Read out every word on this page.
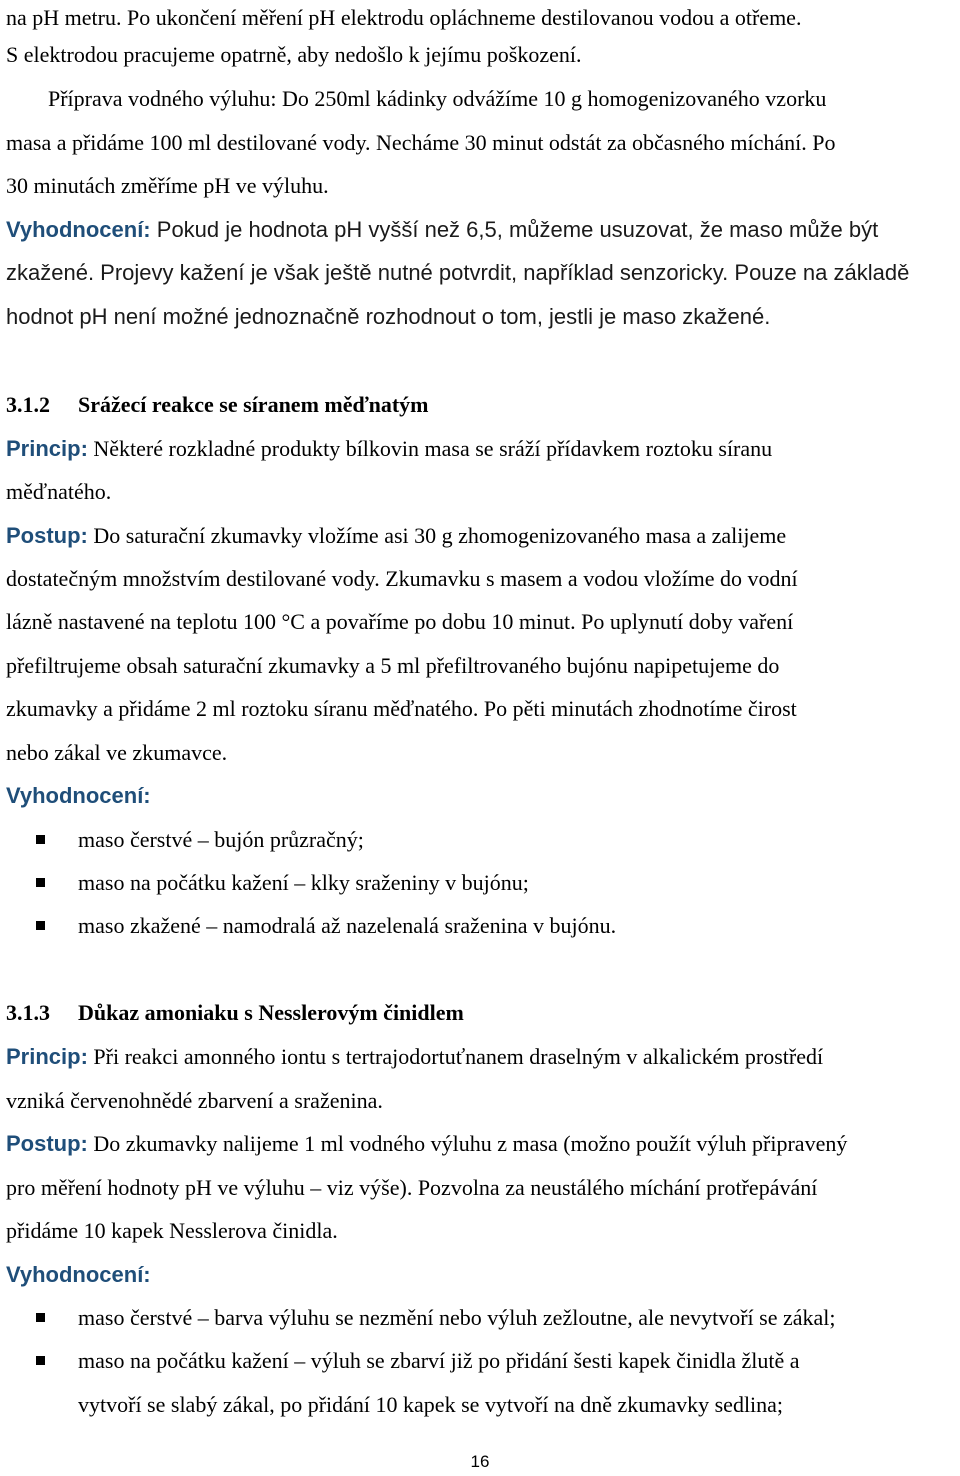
na pH metru. Po ukončení měření pH elektrodu opláchneme destilovanou vodou a otřeme.
S elektrodou pracujeme opatrně, aby nedošlo k jejímu poškození.
Příprava vodného výluhu: Do 250ml kádinky odvážíme 10 g homogenizovaného vzorku
masa a přidáme 100 ml destilované vody. Necháme 30 minut odstát za občasného míchání. Po
30 minutách změříme pH ve výluhu.
Vyhodnocení: Pokud je hodnota pH vyšší než 6,5, můžeme usuzovat, že maso může být
zkažené. Projevy kažení je však ještě nutné potvrdit, například senzoricky. Pouze na základě
hodnot pH není možné jednoznačně rozhodnout o tom, jestli je maso zkažené.
3.1.2 Srážecí reakce se síranem měďnatým
Princip: Některé rozkladné produkty bílkovin masa se sráží přídavkem roztoku síranu
měďnatého.
Postup: Do saturační zkumavky vložíme asi 30 g zhomogenizovaného masa a zalijeme
dostatečným množstvím destilované vody. Zkumavku s masem a vodou vložíme do vodní
lázně nastavené na teplotu 100 °C a povaříme po dobu 10 minut. Po uplynutí doby vaření
přefiltrujeme obsah saturační zkumavky a 5 ml přefiltrovaného bujónu napipetujeme do
zkumavky a přidáme 2 ml roztoku síranu měďnatého. Po pěti minutách zhodnotíme čirost
nebo zákal ve zkumavce.
Vyhodnocení:
maso čerstvé – bujón průzračný;
maso na počátku kažení – klky sraženiny v bujónu;
maso zkažené – namodralá až nazelenalá sraženina v bujónu.
3.1.3 Důkaz amoniaku s Nesslerovým činidlem
Princip: Při reakci amonného iontu s tertrajodortuťnanem draselným v alkalickém prostředí
vzniká červenohnědé zbarvení a sraženina.
Postup: Do zkumavky nalijeme 1 ml vodného výluhu z masa (možno použít výluh připravený
pro měření hodnoty pH ve výluhu – viz výše). Pozvolna za neustálého míchání protřepávání
přidáme 10 kapek Nesslerova činidla.
Vyhodnocení:
maso čerstvé – barva výluhu se nezmění nebo výluh zežloutne, ale nevytvoří se zákal;
maso na počátku kažení – výluh se zbarví již po přidání šesti kapek činidla žlutě a
vytvoří se slabý zákal, po přidání 10 kapek se vytvoří na dně zkumavky sedlina;
16
